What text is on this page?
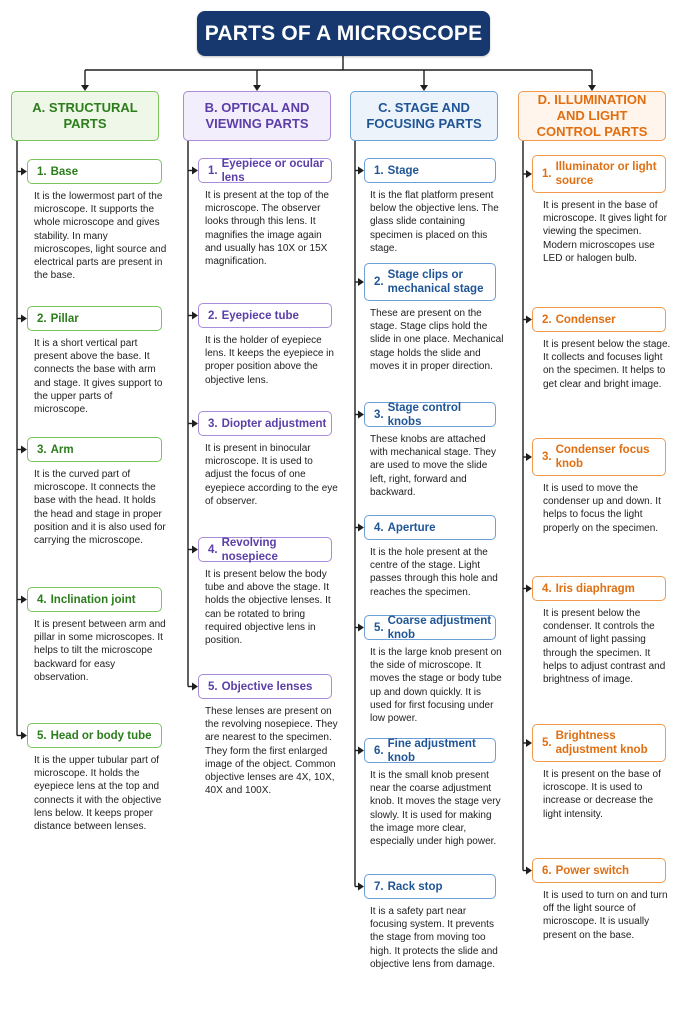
PARTS OF A MICROSCOPE
A. STRUCTURAL PARTS
1. Base
It is the lowermost part of the microscope. It supports the whole microscope and gives stability. In many microscopes, light source and electrical parts are present in the base.
2. Pillar
It is a short vertical part present above the base. It connects the base with arm and stage. It gives support to the upper parts of microscope.
3. Arm
It is the curved part of microscope. It connects the base with the head. It holds the head and stage in proper position and it is also used for carrying the microscope.
4. Inclination joint
It is present between arm and pillar in some microscopes. It helps to tilt the microscope backward for easy observation.
5. Head or body tube
It is the upper tubular part of microscope. It holds the eyepiece lens at the top and connects it with the objective lens below. It keeps proper distance between lenses.
B. OPTICAL AND VIEWING PARTS
1.
Eyepiece or ocular lens
It is present at the top of the microscope. The observer looks through this lens. It magnifies the image again and usually has 10X or 15X magnification.
2. Eyepiece tube
It is the holder of eyepiece lens. It keeps the eyepiece in proper position above the objective lens.
3. Diopter adjustment
It is present in binocular microscope. It is used to adjust the focus of one eyepiece according to the eye of observer.
4.
Revolving nosepiece
It is present below the body tube and above the stage. It holds the objective lenses. It can be rotated to bring required objective lens in position.
5. Objective lenses
These lenses are present on the revolving nosepiece. They are nearest to the specimen. They form the first enlarged image of the object. Common objective lenses are 4X, 10X, 40X and 100X.
C. STAGE AND FOCUSING PARTS
1. Stage
It is the flat platform present below the objective lens. The glass slide containing specimen is placed on this stage.
2.
Stage clips or mechanical stage
These are present on the stage. Stage clips hold the slide in one place. Mechanical stage holds the slide and moves it in proper direction.
3.
Stage control knobs
These knobs are attached with mechanical stage. They are used to move the slide left, right, forward and backward.
4. Aperture
It is the hole present at the centre of the stage. Light passes through this hole and reaches the specimen.
5.
Coarse adjustment knob
It is the large knob present on the side of microscope. It moves the stage or body tube up and down quickly. It is used for first focusing under low power.
6.
Fine adjustment knob
It is the small knob present near the coarse adjustment knob. It moves the stage very slowly. It is used for making the image more clear, especially under high power.
7. Rack stop
It is a safety part near focusing system. It prevents the stage from moving too high. It protects the slide and objective lens from damage.
D. ILLUMINATION AND LIGHT CONTROL PARTS
1.
Illuminator or light source
It is present in the base of microscope. It gives light for viewing the specimen. Modern microscopes use LED or halogen bulb.
2. Condenser
It is present below the stage. It collects and focuses light on the specimen. It helps to get clear and bright image.
3.
Condenser focus knob
It is used to move the condenser up and down. It helps to focus the light properly on the specimen.
4. Iris diaphragm
It is present below the condenser. It controls the amount of light passing through the specimen. It helps to adjust contrast and brightness of image.
5.
Brightness adjustment knob
It is present on the base of icroscope. It is used to increase or decrease the light intensity.
6. Power switch
It is used to turn on and turn off the light source of microscope. It is usually present on the base.
